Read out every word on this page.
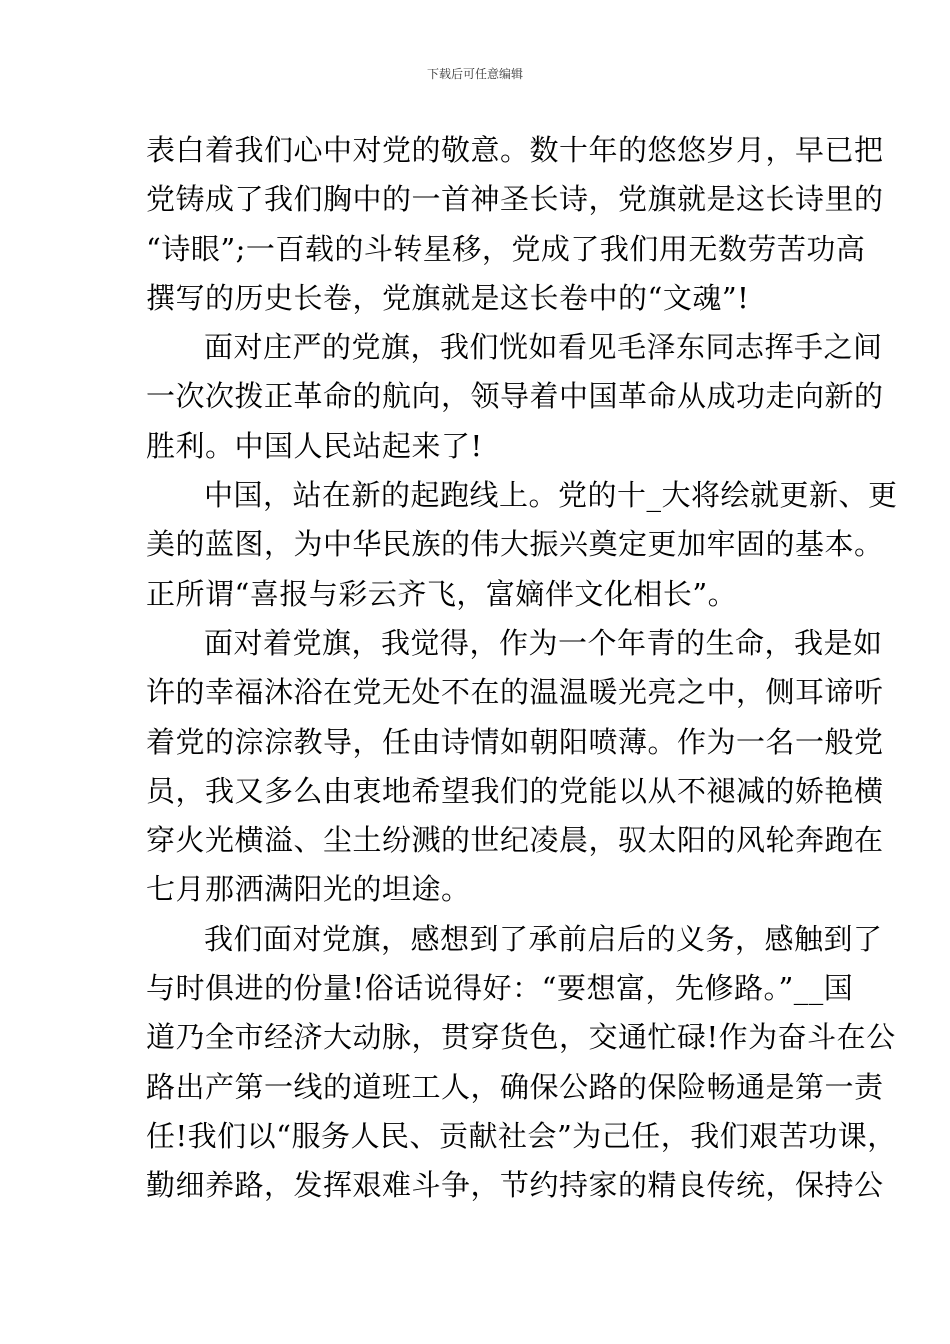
下载后可任意编辑
表白着我们心中对党的敬意。数十年的悠悠岁月，早已把
党铸成了我们胸中的一首神圣长诗，党旗就是这长诗里的
“诗眼”;一百载的斗转星移，党成了我们用无数劳苦功高
撰写的历史长卷，党旗就是这长卷中的“文魂”!
面对庄严的党旗，我们恍如看见毛泽东同志挥手之间
一次次拨正革命的航向，领导着中国革命从成功走向新的
胜利。中国人民站起来了!
中国，站在新的起跑线上。党的十_大将绘就更新、更
美的蓝图，为中华民族的伟大振兴奠定更加牢固的基本。
正所谓“喜报与彩云齐飞，富嫡伴文化相长”。
面对着党旗，我觉得，作为一个年青的生命，我是如
许的幸福沐浴在党无处不在的温温暖光亮之中，侧耳谛听
着党的淙淙教导，任由诗情如朝阳喷薄。作为一名一般党
员，我又多么由衷地希望我们的党能以从不褪减的娇艳横
穿火光横溢、尘土纷溅的世纪凌晨，驭太阳的风轮奔跑在
七月那洒满阳光的坦途。
我们面对党旗，感想到了承前启后的义务，感触到了
与时俱进的份量!俗话说得好：“要想富，先修路。”__国
道乃全市经济大动脉，贯穿货色，交通忙碌!作为奋斗在公
路出产第一线的道班工人，确保公路的保险畅通是第一责
任!我们以“服务人民、贡献社会”为己任，我们艰苦功课，
勤细养路，发挥艰难斗争，节约持家的精良传统，保持公
